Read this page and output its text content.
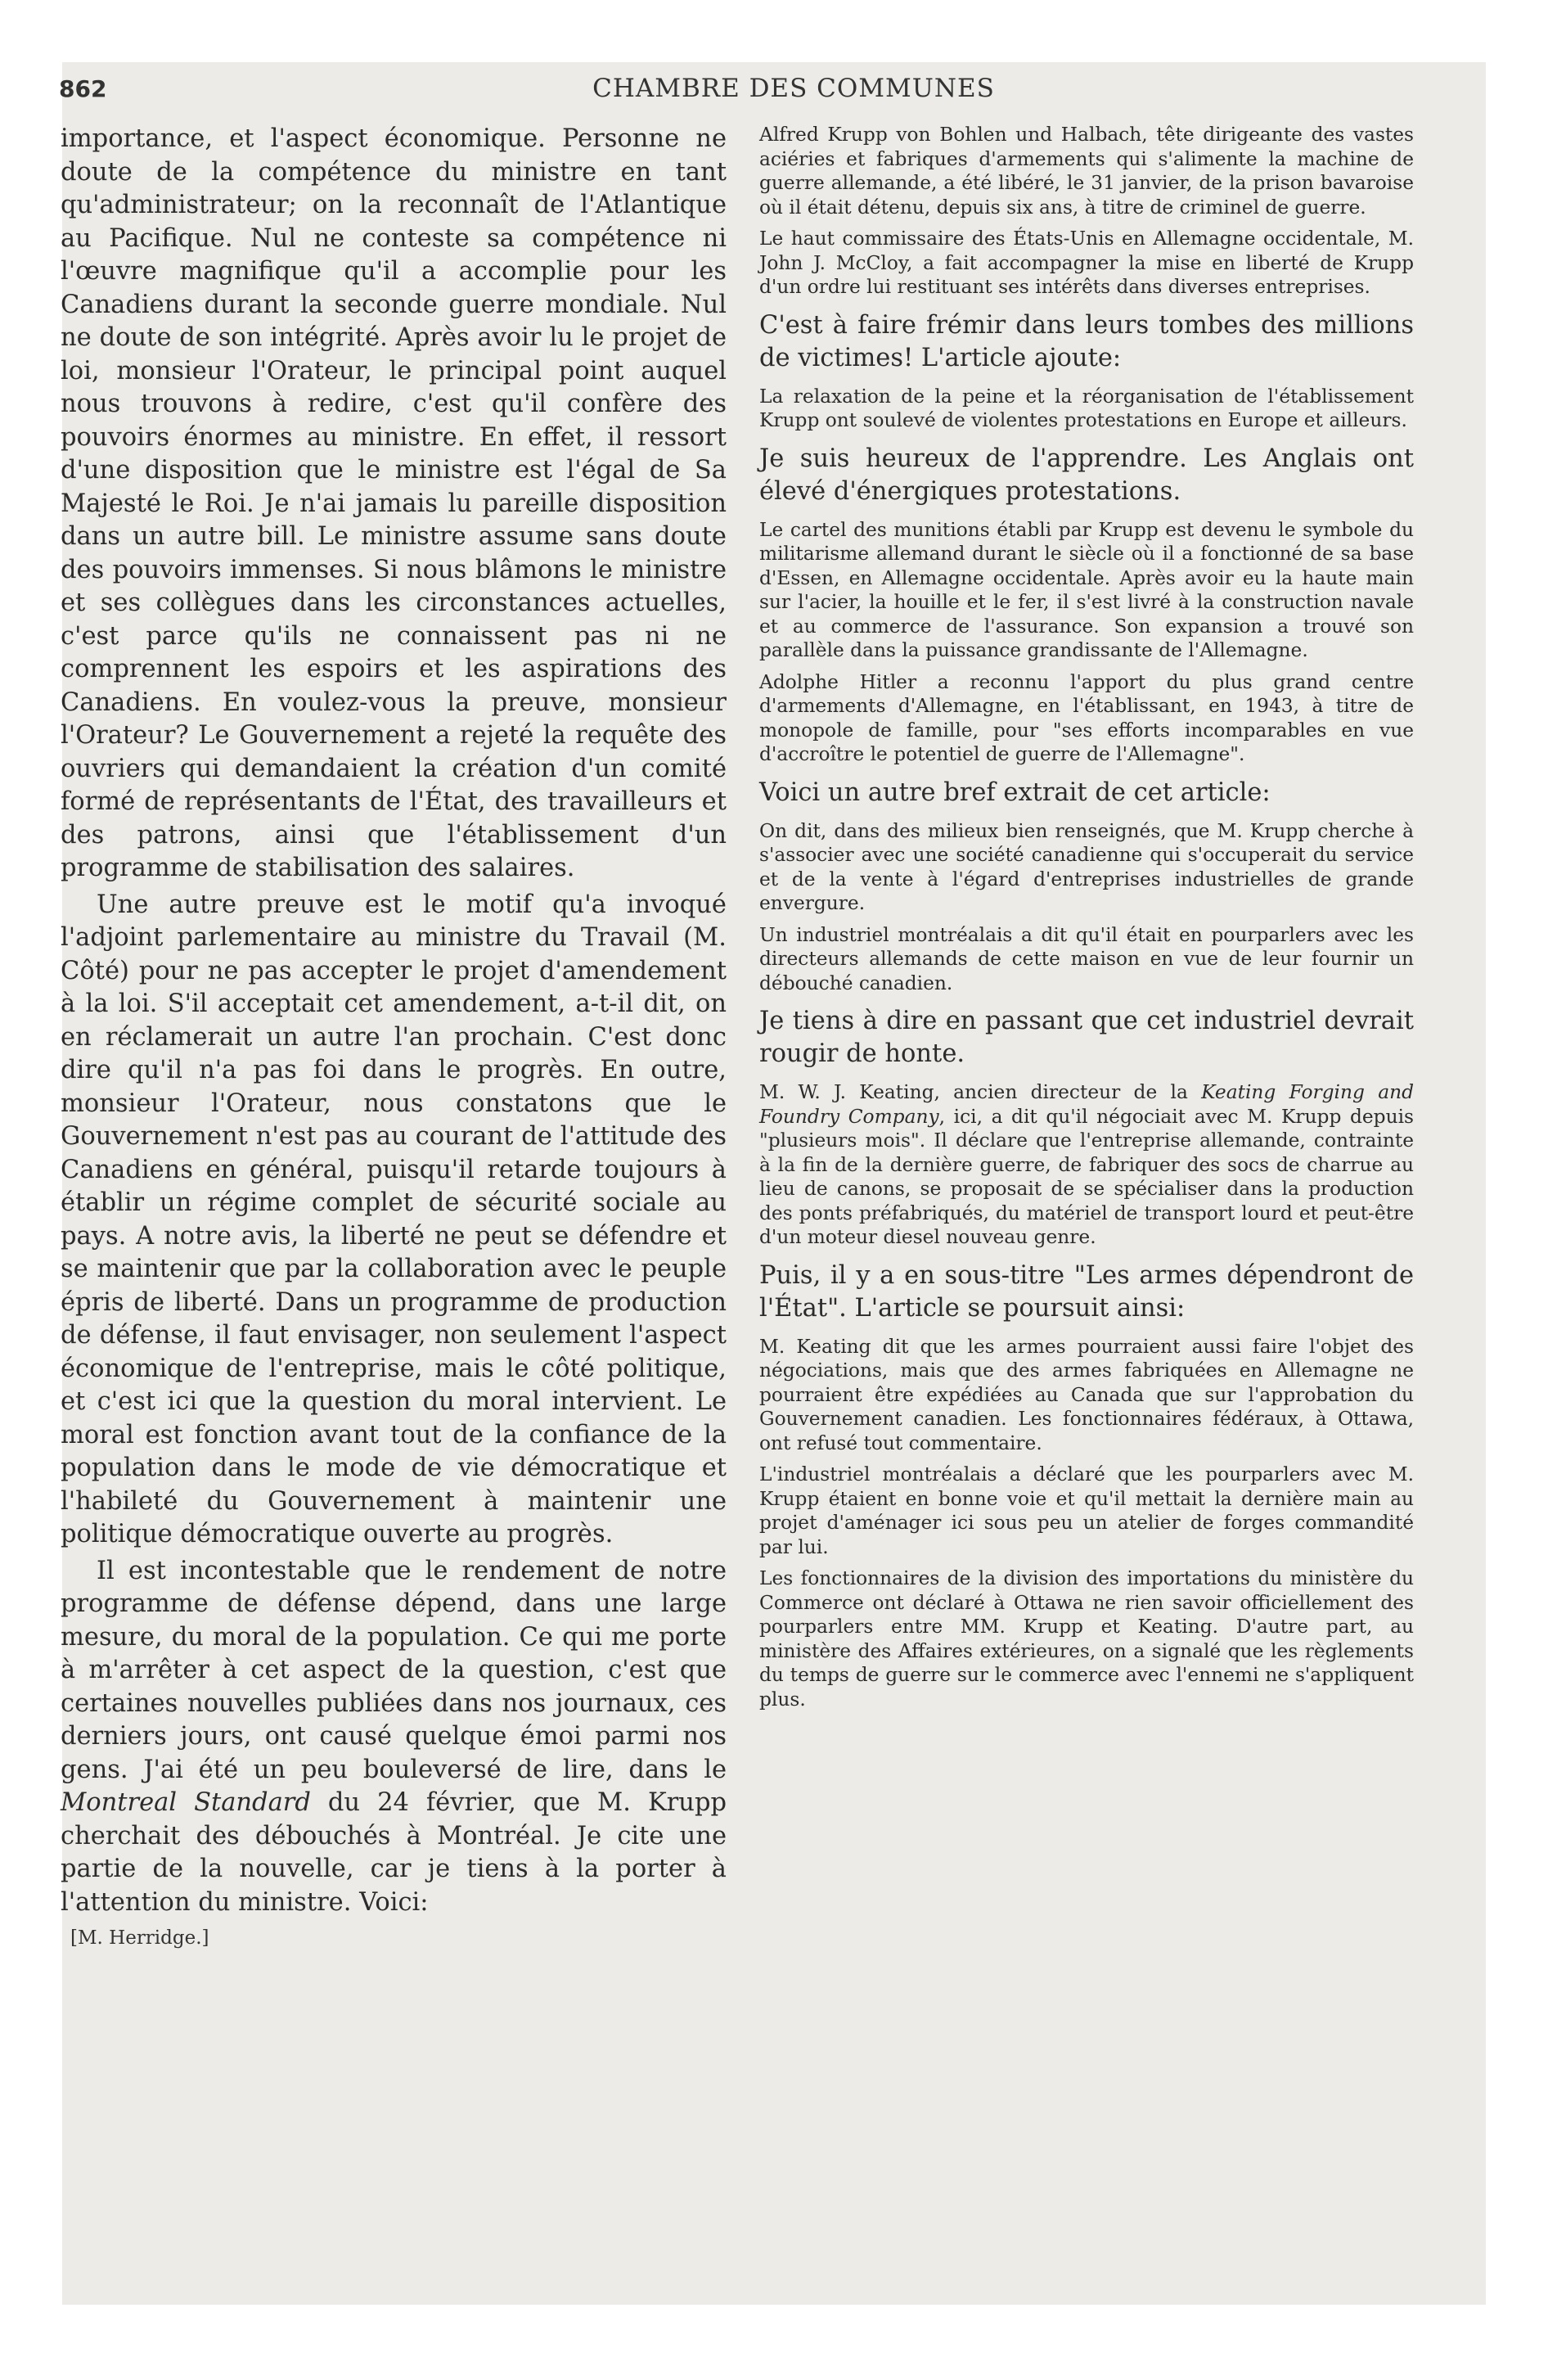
862	CHAMBRE DES COMMUNES

importance, et l'aspect économique. Personne ne doute de la compétence du ministre en tant qu'administrateur; on la reconnaît de l'Atlantique au Pacifique. Nul ne conteste sa compétence ni l'œuvre magnifique qu'il a accomplie pour les Canadiens durant la seconde guerre mondiale. Nul ne doute de son intégrité. Après avoir lu le projet de loi, monsieur l'Orateur, le principal point auquel nous trouvons à redire, c'est qu'il confère des pouvoirs énormes au ministre. En effet, il ressort d'une disposition que le ministre est l'égal de Sa Majesté le Roi. Je n'ai jamais lu pareille disposition dans un autre bill. Le ministre assume sans doute des pouvoirs immenses. Si nous blâmons le ministre et ses collègues dans les circonstances actuelles, c'est parce qu'ils ne connaissent pas ni ne comprennent les espoirs et les aspirations des Canadiens. En voulez-vous la preuve, monsieur l'Orateur? Le Gouvernement a rejeté la requête des ouvriers qui demandaient la création d'un comité formé de représentants de l'État, des travailleurs et des patrons, ainsi que l'établissement d'un programme de stabilisation des salaires.

Une autre preuve est le motif qu'a invoqué l'adjoint parlementaire au ministre du Travail (M. Côté) pour ne pas accepter le projet d'amendement à la loi. S'il acceptait cet amendement, a-t-il dit, on en réclamerait un autre l'an prochain. C'est donc dire qu'il n'a pas foi dans le progrès. En outre, monsieur l'Orateur, nous constatons que le Gouvernement n'est pas au courant de l'attitude des Canadiens en général, puisqu'il retarde toujours à établir un régime complet de sécurité sociale au pays. A notre avis, la liberté ne peut se défendre et se maintenir que par la collaboration avec le peuple épris de liberté. Dans un programme de production de défense, il faut envisager, non seulement l'aspect économique de l'entreprise, mais le côté politique, et c'est ici que la question du moral intervient. Le moral est fonction avant tout de la confiance de la population dans le mode de vie démocratique et l'habileté du Gouvernement à maintenir une politique démocratique ouverte au progrès.

Il est incontestable que le rendement de notre programme de défense dépend, dans une large mesure, du moral de la population. Ce qui me porte à m'arrêter à cet aspect de la question, c'est que certaines nouvelles publiées dans nos journaux, ces derniers jours, ont causé quelque émoi parmi nos gens. J'ai été un peu bouleversé de lire, dans le Montreal Standard du 24 février, que M. Krupp cherchait des débouchés à Montréal. Je cite une partie de la nouvelle, car je tiens à la porter à l'attention du ministre. Voici:

[M. Herridge.]

Alfred Krupp von Bohlen und Halbach, tête dirigeante des vastes aciéries et fabriques d'armements qui s'alimente la machine de guerre allemande, a été libéré, le 31 janvier, de la prison bavaroise où il était détenu, depuis six ans, à titre de criminel de guerre.

Le haut commissaire des États-Unis en Allemagne occidentale, M. John J. McCloy, a fait accompagner la mise en liberté de Krupp d'un ordre lui restituant ses intérêts dans diverses entreprises.

C'est à faire frémir dans leurs tombes des millions de victimes! L'article ajoute:

La relaxation de la peine et la réorganisation de l'établissement Krupp ont soulevé de violentes protestations en Europe et ailleurs.

Je suis heureux de l'apprendre. Les Anglais ont élevé d'énergiques protestations.

Le cartel des munitions établi par Krupp est devenu le symbole du militarisme allemand durant le siècle où il a fonctionné de sa base d'Essen, en Allemagne occidentale. Après avoir eu la haute main sur l'acier, la houille et le fer, il s'est livré à la construction navale et au commerce de l'assurance. Son expansion a trouvé son parallèle dans la puissance grandissante de l'Allemagne.

Adolphe Hitler a reconnu l'apport du plus grand centre d'armements d'Allemagne, en l'établissant, en 1943, à titre de monopole de famille, pour "ses efforts incomparables en vue d'accroître le potentiel de guerre de l'Allemagne".

Voici un autre bref extrait de cet article:

On dit, dans des milieux bien renseignés, que M. Krupp cherche à s'associer avec une société canadienne qui s'occuperait du service et de la vente à l'égard d'entreprises industrielles de grande envergure.

Un industriel montréalais a dit qu'il était en pourparlers avec les directeurs allemands de cette maison en vue de leur fournir un débouché canadien.

Je tiens à dire en passant que cet industriel devrait rougir de honte.

M. W. J. Keating, ancien directeur de la Keating Forging and Foundry Company, ici, a dit qu'il négociait avec M. Krupp depuis "plusieurs mois". Il déclare que l'entreprise allemande, contrainte à la fin de la dernière guerre, de fabriquer des socs de charrue au lieu de canons, se proposait de se spécialiser dans la production des ponts préfabriqués, du matériel de transport lourd et peut-être d'un moteur diesel nouveau genre.

Puis, il y a en sous-titre "Les armes dépendront de l'État". L'article se poursuit ainsi:

M. Keating dit que les armes pourraient aussi faire l'objet des négociations, mais que des armes fabriquées en Allemagne ne pourraient être expédiées au Canada que sur l'approbation du Gouvernement canadien. Les fonctionnaires fédéraux, à Ottawa, ont refusé tout commentaire.

L'industriel montréalais a déclaré que les pourparlers avec M. Krupp étaient en bonne voie et qu'il mettait la dernière main au projet d'aménager ici sous peu un atelier de forges commandité par lui.

Les fonctionnaires de la division des importations du ministère du Commerce ont déclaré à Ottawa ne rien savoir officiellement des pourparlers entre MM. Krupp et Keating. D'autre part, au ministère des Affaires extérieures, on a signalé que les règlements du temps de guerre sur le commerce avec l'ennemi ne s'appliquent plus.
